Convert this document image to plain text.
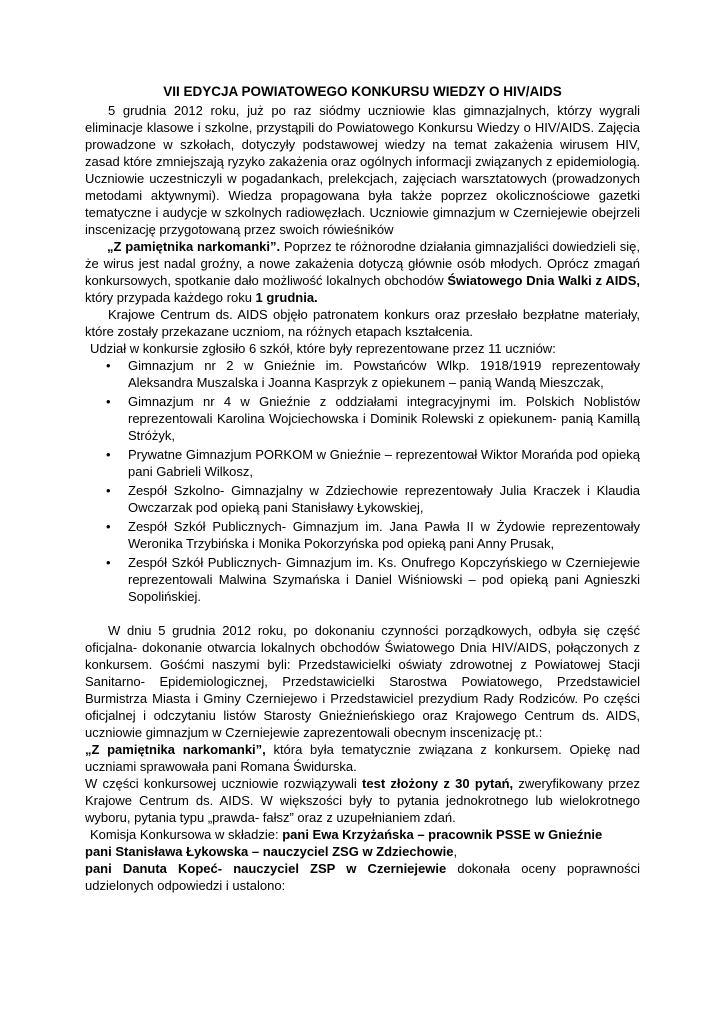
VII EDYCJA POWIATOWEGO KONKURSU WIEDZY O HIV/AIDS

5 grudnia 2012 roku, już po raz siódmy uczniowie klas gimnazjalnych, którzy wygrali eliminacje klasowe i szkolne, przystąpili do Powiatowego Konkursu Wiedzy o HIV/AIDS. Zajęcia prowadzone w szkołach, dotyczyły podstawowej wiedzy na temat zakażenia wirusem HIV, zasad które zmniejszają ryzyko zakażenia oraz ogólnych informacji związanych z epidemiologią. Uczniowie uczestniczyli w pogadankach, prelekcjach, zajęciach warsztatowych (prowadzonych metodami aktywnymi). Wiedza propagowana była także poprzez okolicznościowe gazetki tematyczne i audycje w szkolnych radiowęzłach. Uczniowie gimnazjum w Czerniejewie obejrzeli inscenizację przygotowaną przez swoich rówieśników
„Z pamiętnika narkomanki”. Poprzez te różnorodne działania gimnazjaliści dowiedzieli się, że wirus jest nadal groźny, a nowe zakażenia dotyczą głównie osób młodych. Oprócz zmagań konkursowych, spotkanie dało możliwość lokalnych obchodów Światowego Dnia Walki z AIDS, który przypada każdego roku 1 grudnia.

Krajowe Centrum ds. AIDS objęło patronatem konkurs oraz przesłało bezpłatne materiały, które zostały przekazane uczniom, na różnych etapach kształcenia.

Udział w konkursie zgłosiło 6 szkół, które były reprezentowane przez 11 uczniów:

• Gimnazjum nr 2 w Gnieźnie im. Powstańców Wlkp. 1918/1919 reprezentowały Aleksandra Muszalska i Joanna Kasprzyk z opiekunem – panią Wandą Mieszczak,
• Gimnazjum nr 4 w Gnieźnie z oddziałami integracyjnymi im. Polskich Noblistów reprezentowali Karolina Wojciechowska i Dominik Rolewski z opiekunem- panią Kamillą Stróżyk,
• Prywatne Gimnazjum PORKOM w Gnieźnie – reprezentował Wiktor Morańda pod opieką pani Gabrieli Wilkosz,
• Zespół Szkolno- Gimnazjalny w Zdziechowie reprezentowały Julia Kraczek i Klaudia Owczarzak pod opieką pani Stanisławy Łykowskiej,
• Zespół Szkół Publicznych- Gimnazjum im. Jana Pawła II w Żydowie reprezentowały Weronika Trzybińska i Monika Pokorzyńska pod opieką pani Anny Prusak,
• Zespół Szkół Publicznych- Gimnazjum im. Ks. Onufrego Kopczyńskiego w Czerniejewie reprezentowali Malwina Szymańska i Daniel Wiśniowski – pod opieką pani Agnieszki Sopolińskiej.

W dniu 5 grudnia 2012 roku, po dokonaniu czynności porządkowych, odbyła się część oficjalna- dokonanie otwarcia lokalnych obchodów Światowego Dnia HIV/AIDS, połączonych z konkursem. Gośćmi naszymi byli: Przedstawicielki oświaty zdrowotnej z Powiatowej Stacji Sanitarno- Epidemiologicznej, Przedstawicielki Starostwa Powiatowego, Przedstawiciel Burmistrza Miasta i Gminy Czerniejewo i Przedstawiciel prezydium Rady Rodziców. Po części oficjalnej i odczytaniu listów Starosty Gnieźnieńskiego oraz Krajowego Centrum ds. AIDS, uczniowie gimnazjum w Czerniejewie zaprezentowali obecnym inscenizację pt.:

„Z pamiętnika narkomanki”, która była tematycznie związana z konkursem. Opiekę nad uczniami sprawowała pani Romana Świdurska.

W części konkursowej uczniowie rozwiązywali test złożony z 30 pytań, zweryfikowany przez Krajowe Centrum ds. AIDS. W większości były to pytania jednokrotnego lub wielokrotnego wyboru, pytania typu „prawda- fałsz” oraz z uzupełnianiem zdań.

Komisja Konkursowa w składzie: pani Ewa Krzyżańska – pracownik PSSE w Gnieźnie

pani Stanisława Łykowska – nauczyciel ZSG w Zdziechowie,

pani Danuta Kopeć- nauczyciel ZSP w Czerniejewie dokonała oceny poprawności udzielonych odpowiedzi i ustalono:
